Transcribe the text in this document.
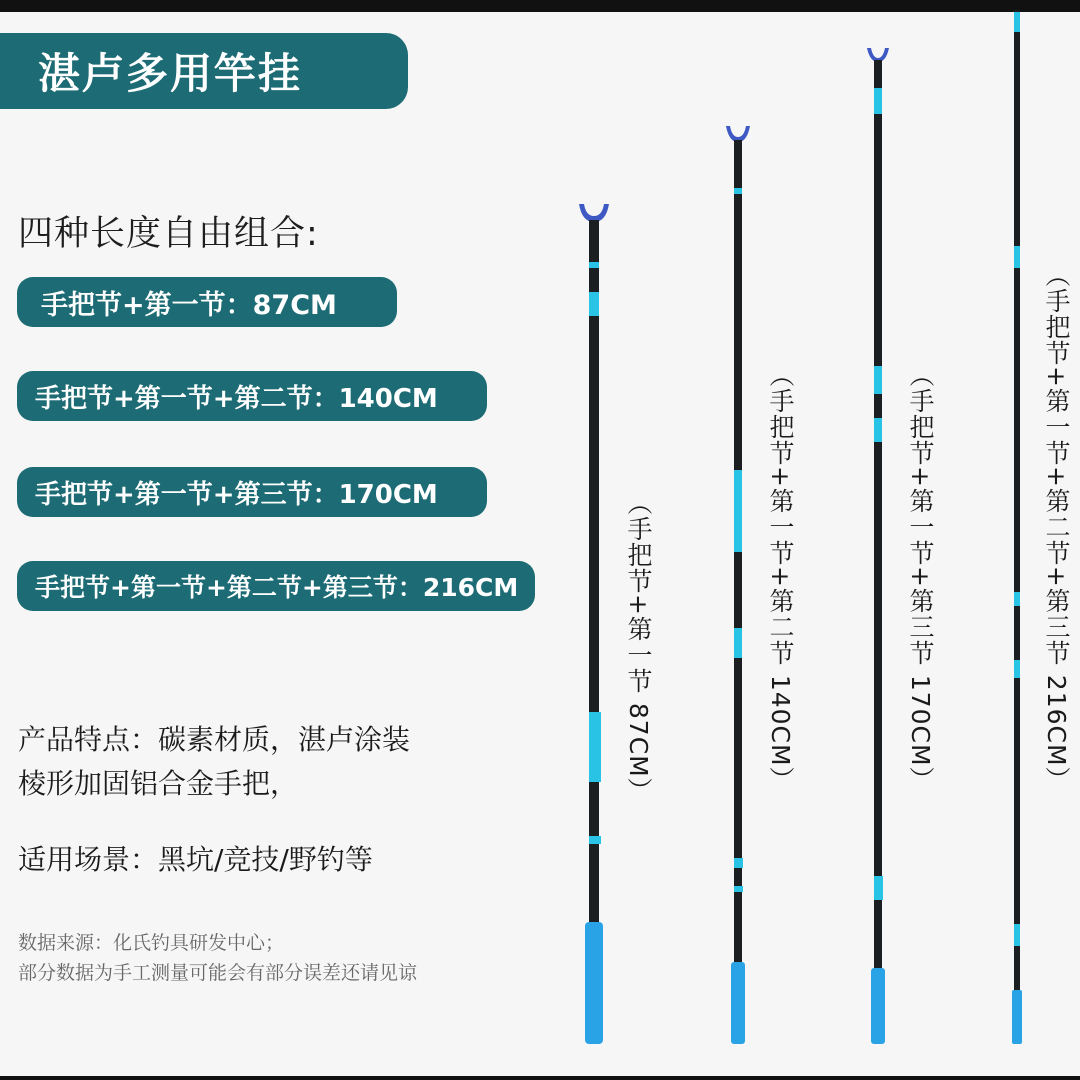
湛卢多用竿挂
四种长度自由组合:
手把节+第一节：87CM
手把节+第一节+第二节：140CM
手把节+第一节+第三节：170CM
手把节+第一节+第二节+第三节：216CM
产品特点：碳素材质，湛卢涂装
棱形加固铝合金手把，
适用场景：黑坑/竞技/野钓等
数据来源：化氏钓具研发中心；
部分数据为手工测量可能会有部分误差还请见谅
（手把节+第一节 87CM）	（手把节+第一节+第二节 140CM）	（手把节+第一节+第三节 170CM）	（手把节+第一节+第二节+第三节 216CM）
